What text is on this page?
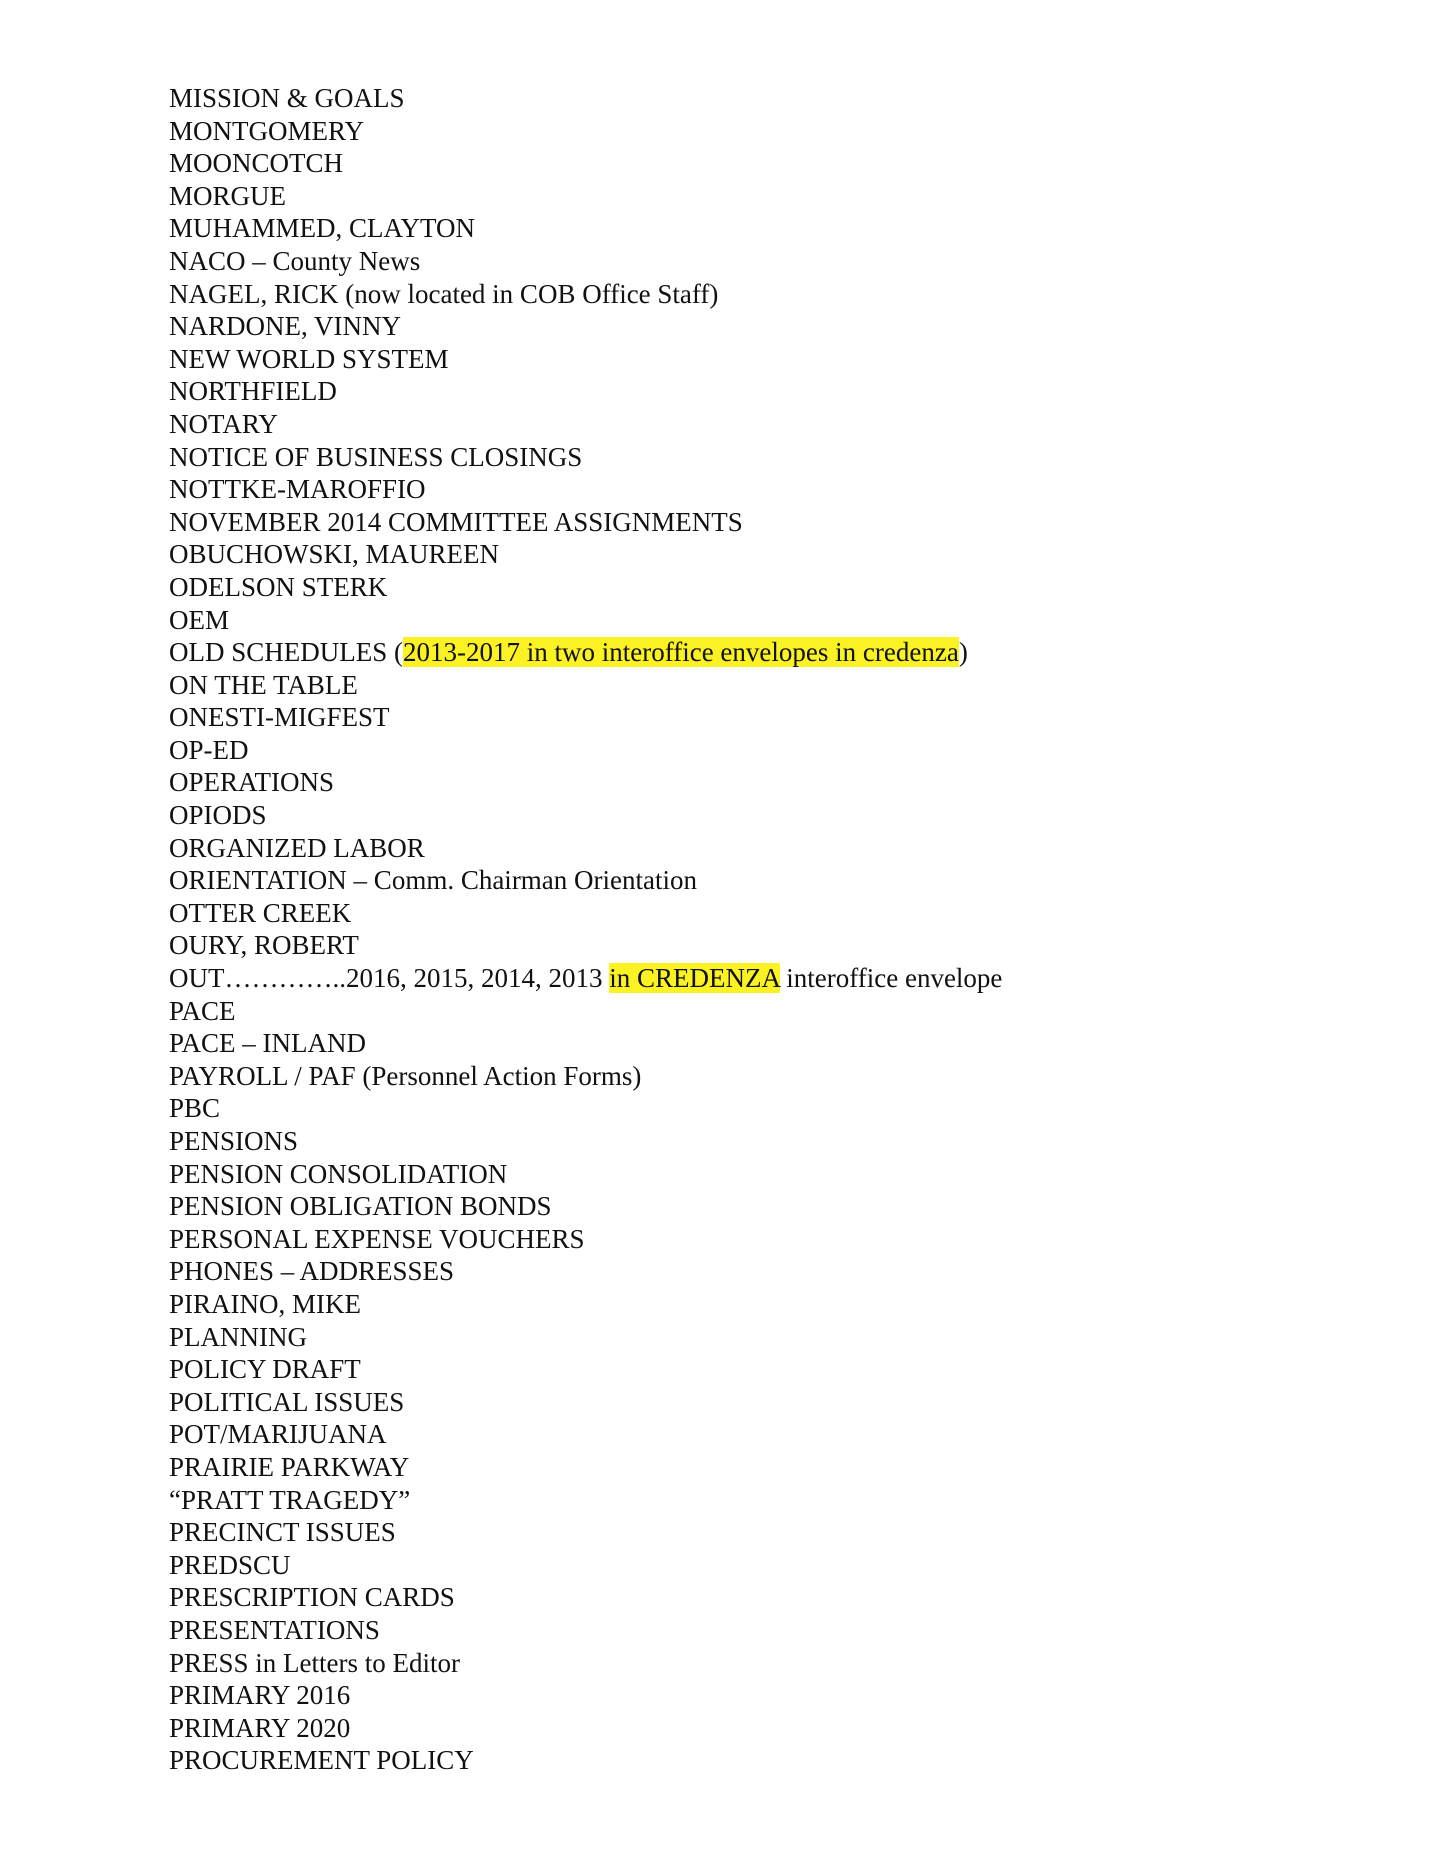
MISSION & GOALS
MONTGOMERY
MOONCOTCH
MORGUE
MUHAMMED, CLAYTON
NACO – County News
NAGEL, RICK (now located in COB Office Staff)
NARDONE, VINNY
NEW WORLD SYSTEM
NORTHFIELD
NOTARY
NOTICE OF BUSINESS CLOSINGS
NOTTKE-MAROFFIO
NOVEMBER 2014 COMMITTEE ASSIGNMENTS
OBUCHOWSKI, MAUREEN
ODELSON STERK
OEM
OLD SCHEDULES (2013-2017 in two interoffice envelopes in credenza)
ON THE TABLE
ONESTI-MIGFEST
OP-ED
OPERATIONS
OPIODS
ORGANIZED LABOR
ORIENTATION – Comm. Chairman Orientation
OTTER CREEK
OURY, ROBERT
OUT…………..2016, 2015, 2014, 2013 in CREDENZA interoffice envelope
PACE
PACE – INLAND
PAYROLL / PAF (Personnel Action Forms)
PBC
PENSIONS
PENSION CONSOLIDATION
PENSION OBLIGATION BONDS
PERSONAL EXPENSE VOUCHERS
PHONES – ADDRESSES
PIRAINO, MIKE
PLANNING
POLICY DRAFT
POLITICAL ISSUES
POT/MARIJUANA
PRAIRIE PARKWAY
“PRATT TRAGEDY”
PRECINCT ISSUES
PREDSCU
PRESCRIPTION CARDS
PRESENTATIONS
PRESS in Letters to Editor
PRIMARY 2016
PRIMARY 2020
PROCUREMENT POLICY
